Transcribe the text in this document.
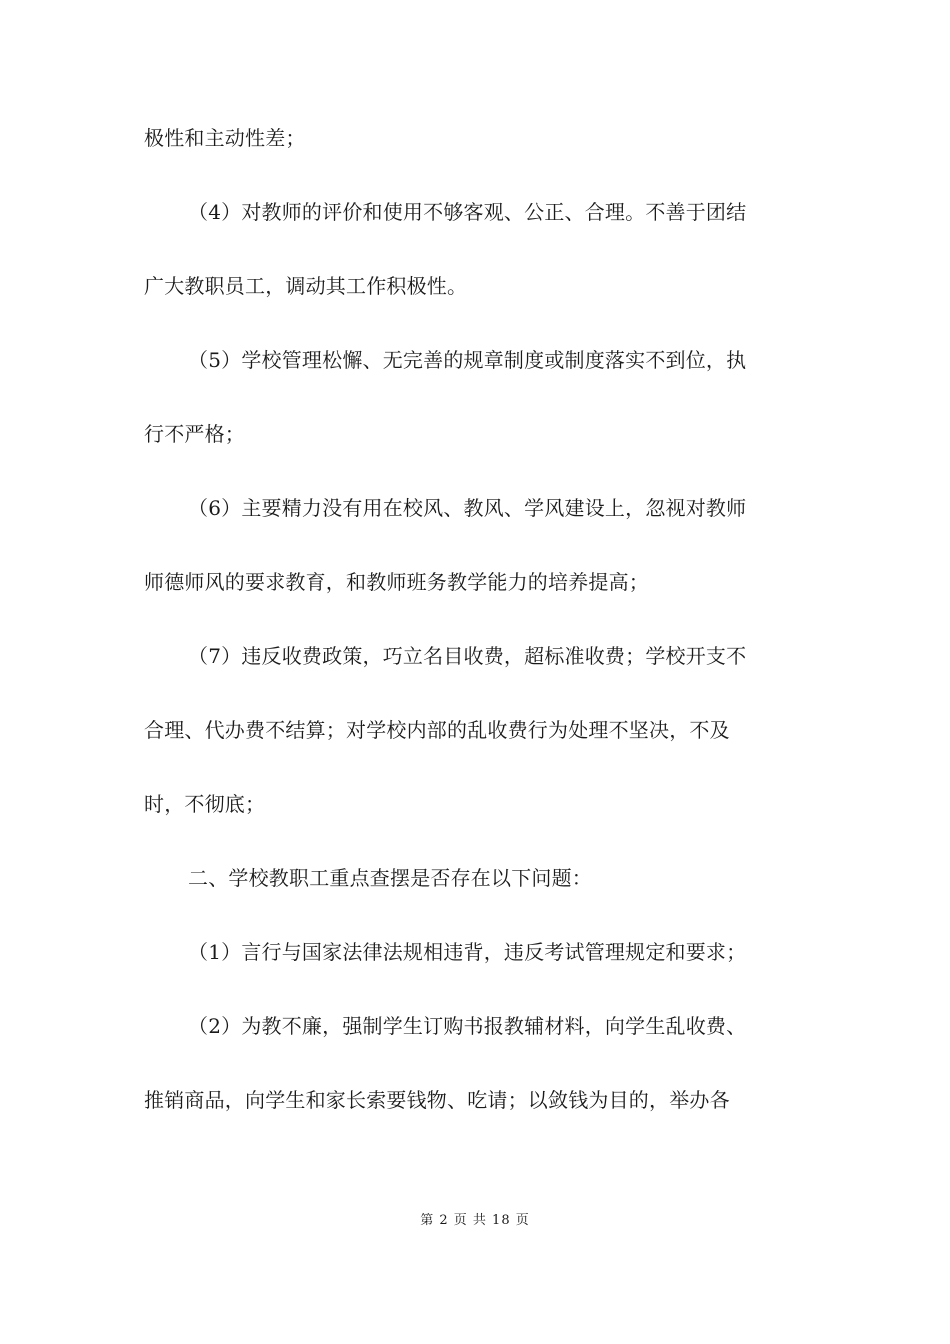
极性和主动性差；
（4）对教师的评价和使用不够客观、公正、合理。不善于团结
广大教职员工，调动其工作积极性。
（5）学校管理松懈、无完善的规章制度或制度落实不到位，执
行不严格；
（6）主要精力没有用在校风、教风、学风建设上，忽视对教师
师德师风的要求教育，和教师班务教学能力的培养提高；
（7）违反收费政策，巧立名目收费，超标准收费；学校开支不
合理、代办费不结算；对学校内部的乱收费行为处理不坚决，不及
时，不彻底；
二、学校教职工重点查摆是否存在以下问题：
（1）言行与国家法律法规相违背，违反考试管理规定和要求；
（2）为教不廉，强制学生订购书报教辅材料，向学生乱收费、
推销商品，向学生和家长索要钱物、吃请；以敛钱为目的，举办各
第 2 页 共 18 页
